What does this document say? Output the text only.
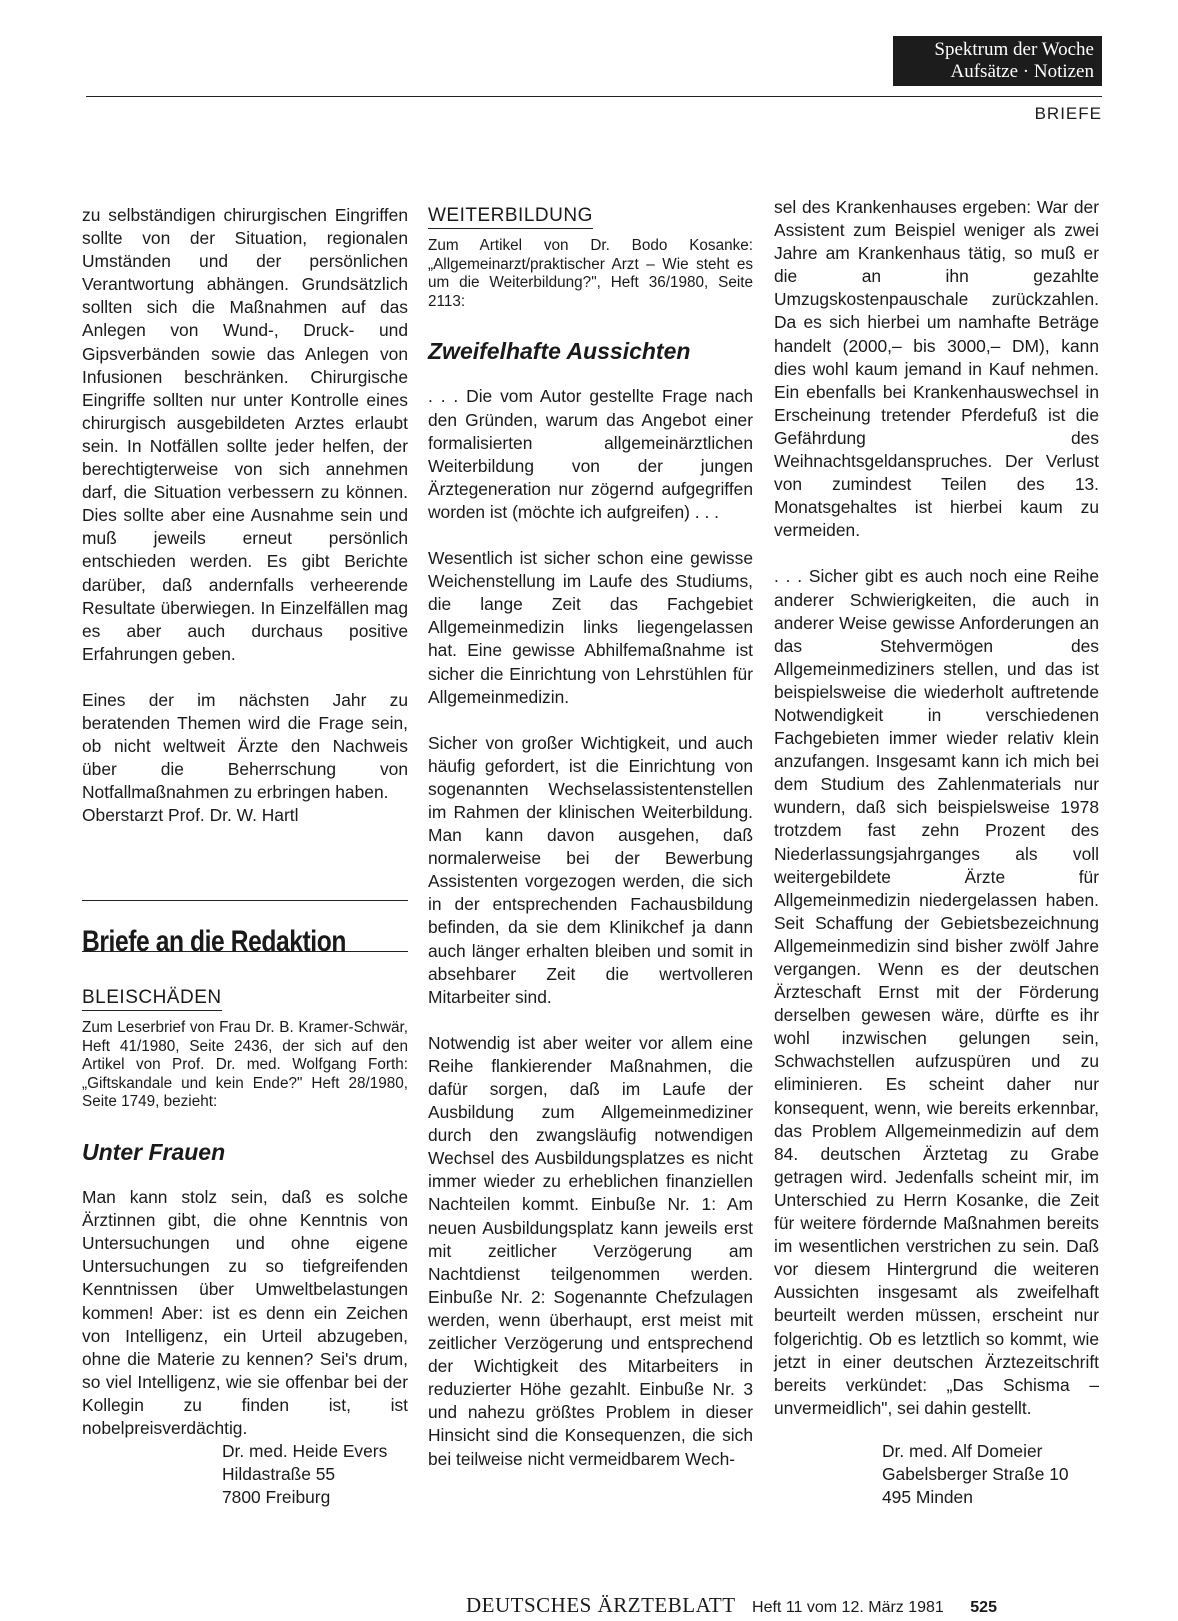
Spektrum der Woche
Aufsätze · Notizen
BRIEFE

zu selbständigen chirurgischen Eingriffen sollte von der Situation, regionalen Umständen und der persönlichen Verantwortung abhängen. Grundsätzlich sollten sich die Maßnahmen auf das Anlegen von Wund-, Druck- und Gipsverbänden sowie das Anlegen von Infusionen beschränken. Chirurgische Eingriffe sollten nur unter Kontrolle eines chirurgisch ausgebildeten Arztes erlaubt sein. In Notfällen sollte jeder helfen, der berechtigterweise von sich annehmen darf, die Situation verbessern zu können. Dies sollte aber eine Ausnahme sein und muß jeweils erneut persönlich entschieden werden. Es gibt Berichte darüber, daß andernfalls verheerende Resultate überwiegen. In Einzelfällen mag es aber auch durchaus positive Erfahrungen geben.

Eines der im nächsten Jahr zu beratenden Themen wird die Frage sein, ob nicht weltweit Ärzte den Nachweis über die Beherrschung von Notfallmaßnahmen zu erbringen haben.

Oberstarzt Prof. Dr. W. Hartl

Briefe an die Redaktion
BLEISCHÄDEN
Zum Leserbrief von Frau Dr. B. Kramer-Schwär, Heft 41/1980, Seite 2436, der sich auf den Artikel von Prof. Dr. med. Wolfgang Forth: „Giftskandale und kein Ende?" Heft 28/1980, Seite 1749, bezieht:
Unter Frauen

Man kann stolz sein, daß es solche Ärztinnen gibt, die ohne Kenntnis von Untersuchungen und ohne eigene Untersuchungen zu so tiefgreifenden Kenntnissen über Umweltbelastungen kommen! Aber: ist es denn ein Zeichen von Intelligenz, ein Urteil abzugeben, ohne die Materie zu kennen? Sei's drum, so viel Intelligenz, wie sie offenbar bei der Kollegin zu finden ist, ist nobelpreisverdächtig.

Dr. med. Heide Evers
Hildastraße 55
7800 Freiburg
WEITERBILDUNG
Zum Artikel von Dr. Bodo Kosanke: „Allgemeinarzt/praktischer Arzt – Wie steht es um die Weiterbildung?", Heft 36/1980, Seite 2113:
Zweifelhafte Aussichten

. . . Die vom Autor gestellte Frage nach den Gründen, warum das Angebot einer formalisierten allgemeinärztlichen Weiterbildung von der jungen Ärztegeneration nur zögernd aufgegriffen worden ist (möchte ich aufgreifen) . . .

Wesentlich ist sicher schon eine gewisse Weichenstellung im Laufe des Studiums, die lange Zeit das Fachgebiet Allgemeinmedizin links liegengelassen hat. Eine gewisse Abhilfemaßnahme ist sicher die Einrichtung von Lehrstühlen für Allgemeinmedizin.

Sicher von großer Wichtigkeit, und auch häufig gefordert, ist die Einrichtung von sogenannten Wechselassistentenstellen im Rahmen der klinischen Weiterbildung. Man kann davon ausgehen, daß normalerweise bei der Bewerbung Assistenten vorgezogen werden, die sich in der entsprechenden Fachausbildung befinden, da sie dem Klinikchef ja dann auch länger erhalten bleiben und somit in absehbarer Zeit die wertvolleren Mitarbeiter sind.

Notwendig ist aber weiter vor allem eine Reihe flankierender Maßnahmen, die dafür sorgen, daß im Laufe der Ausbildung zum Allgemeinmediziner durch den zwangsläufig notwendigen Wechsel des Ausbildungsplatzes es nicht immer wieder zu erheblichen finanziellen Nachteilen kommt. Einbuße Nr. 1: Am neuen Ausbildungsplatz kann jeweils erst mit zeitlicher Verzögerung am Nachtdienst teilgenommen werden. Einbuße Nr. 2: Sogenannte Chefzulagen werden, wenn überhaupt, erst meist mit zeitlicher Verzögerung und entsprechend der Wichtigkeit des Mitarbeiters in reduzierter Höhe gezahlt. Einbuße Nr. 3 und nahezu größtes Problem in dieser Hinsicht sind die Konsequenzen, die sich bei teilweise nicht vermeidbarem Wech-

sel des Krankenhauses ergeben: War der Assistent zum Beispiel weniger als zwei Jahre am Krankenhaus tätig, so muß er die an ihn gezahlte Umzugskostenpauschale zurückzahlen. Da es sich hierbei um namhafte Beträge handelt (2000,– bis 3000,– DM), kann dies wohl kaum jemand in Kauf nehmen. Ein ebenfalls bei Krankenhauswechsel in Erscheinung tretender Pferdefuß ist die Gefährdung des Weihnachtsgeldanspruches. Der Verlust von zumindest Teilen des 13. Monatsgehaltes ist hierbei kaum zu vermeiden.

. . . Sicher gibt es auch noch eine Reihe anderer Schwierigkeiten, die auch in anderer Weise gewisse Anforderungen an das Stehvermögen des Allgemeinmediziners stellen, und das ist beispielsweise die wiederholt auftretende Notwendigkeit in verschiedenen Fachgebieten immer wieder relativ klein anzufangen. Insgesamt kann ich mich bei dem Studium des Zahlenmaterials nur wundern, daß sich beispielsweise 1978 trotzdem fast zehn Prozent des Niederlassungsjahrganges als voll weitergebildete Ärzte für Allgemeinmedizin niedergelassen haben. Seit Schaffung der Gebietsbezeichnung Allgemeinmedizin sind bisher zwölf Jahre vergangen. Wenn es der deutschen Ärzteschaft Ernst mit der Förderung derselben gewesen wäre, dürfte es ihr wohl inzwischen gelungen sein, Schwachstellen aufzuspüren und zu eliminieren. Es scheint daher nur konsequent, wenn, wie bereits erkennbar, das Problem Allgemeinmedizin auf dem 84. deutschen Ärztetag zu Grabe getragen wird. Jedenfalls scheint mir, im Unterschied zu Herrn Kosanke, die Zeit für weitere fördernde Maßnahmen bereits im wesentlichen verstrichen zu sein. Daß vor diesem Hintergrund die weiteren Aussichten insgesamt als zweifelhaft beurteilt werden müssen, erscheint nur folgerichtig. Ob es letztlich so kommt, wie jetzt in einer deutschen Ärztezeitschrift bereits verkündet: „Das Schisma – unvermeidlich", sei dahin gestellt.

Dr. med. Alf Domeier
Gabelsberger Straße 10
495 Minden
DEUTSCHES ÄRZTEBLATT Heft 11 vom 12. März 1981 525
